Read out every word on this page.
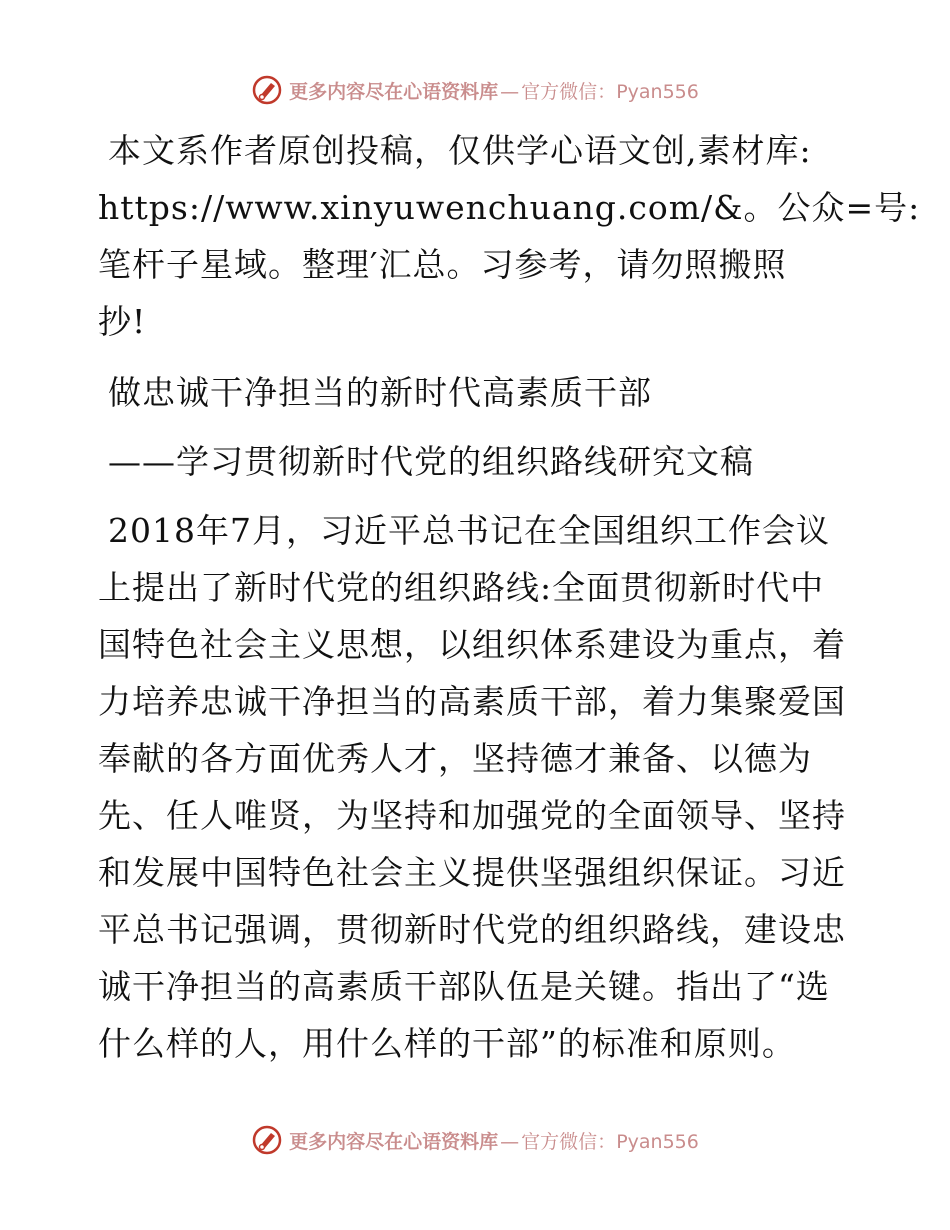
更多内容尽在心语资料库 — 官方微信：Pyan556
本文系作者原创投稿，仅供学心语文创,素材库:
https://www.xinyuwenchuang.com/&。公众=号:
笔杆子星域。整理′汇总。习参考，请勿照搬照
抄!
做忠诚干净担当的新时代高素质干部
——学习贯彻新时代党的组织路线研究文稿
2018年7月，习近平总书记在全国组织工作会议
上提出了新时代党的组织路线:全面贯彻新时代中
国特色社会主义思想，以组织体系建设为重点，着
力培养忠诚干净担当的高素质干部，着力集聚爱国
奉献的各方面优秀人才，坚持德才兼备、以德为
先、任人唯贤，为坚持和加强党的全面领导、坚持
和发展中国特色社会主义提供坚强组织保证。习近
平总书记强调，贯彻新时代党的组织路线，建设忠
诚干净担当的高素质干部队伍是关键。指出了“选
什么样的人，用什么样的干部”的标准和原则。
更多内容尽在心语资料库 — 官方微信：Pyan556
